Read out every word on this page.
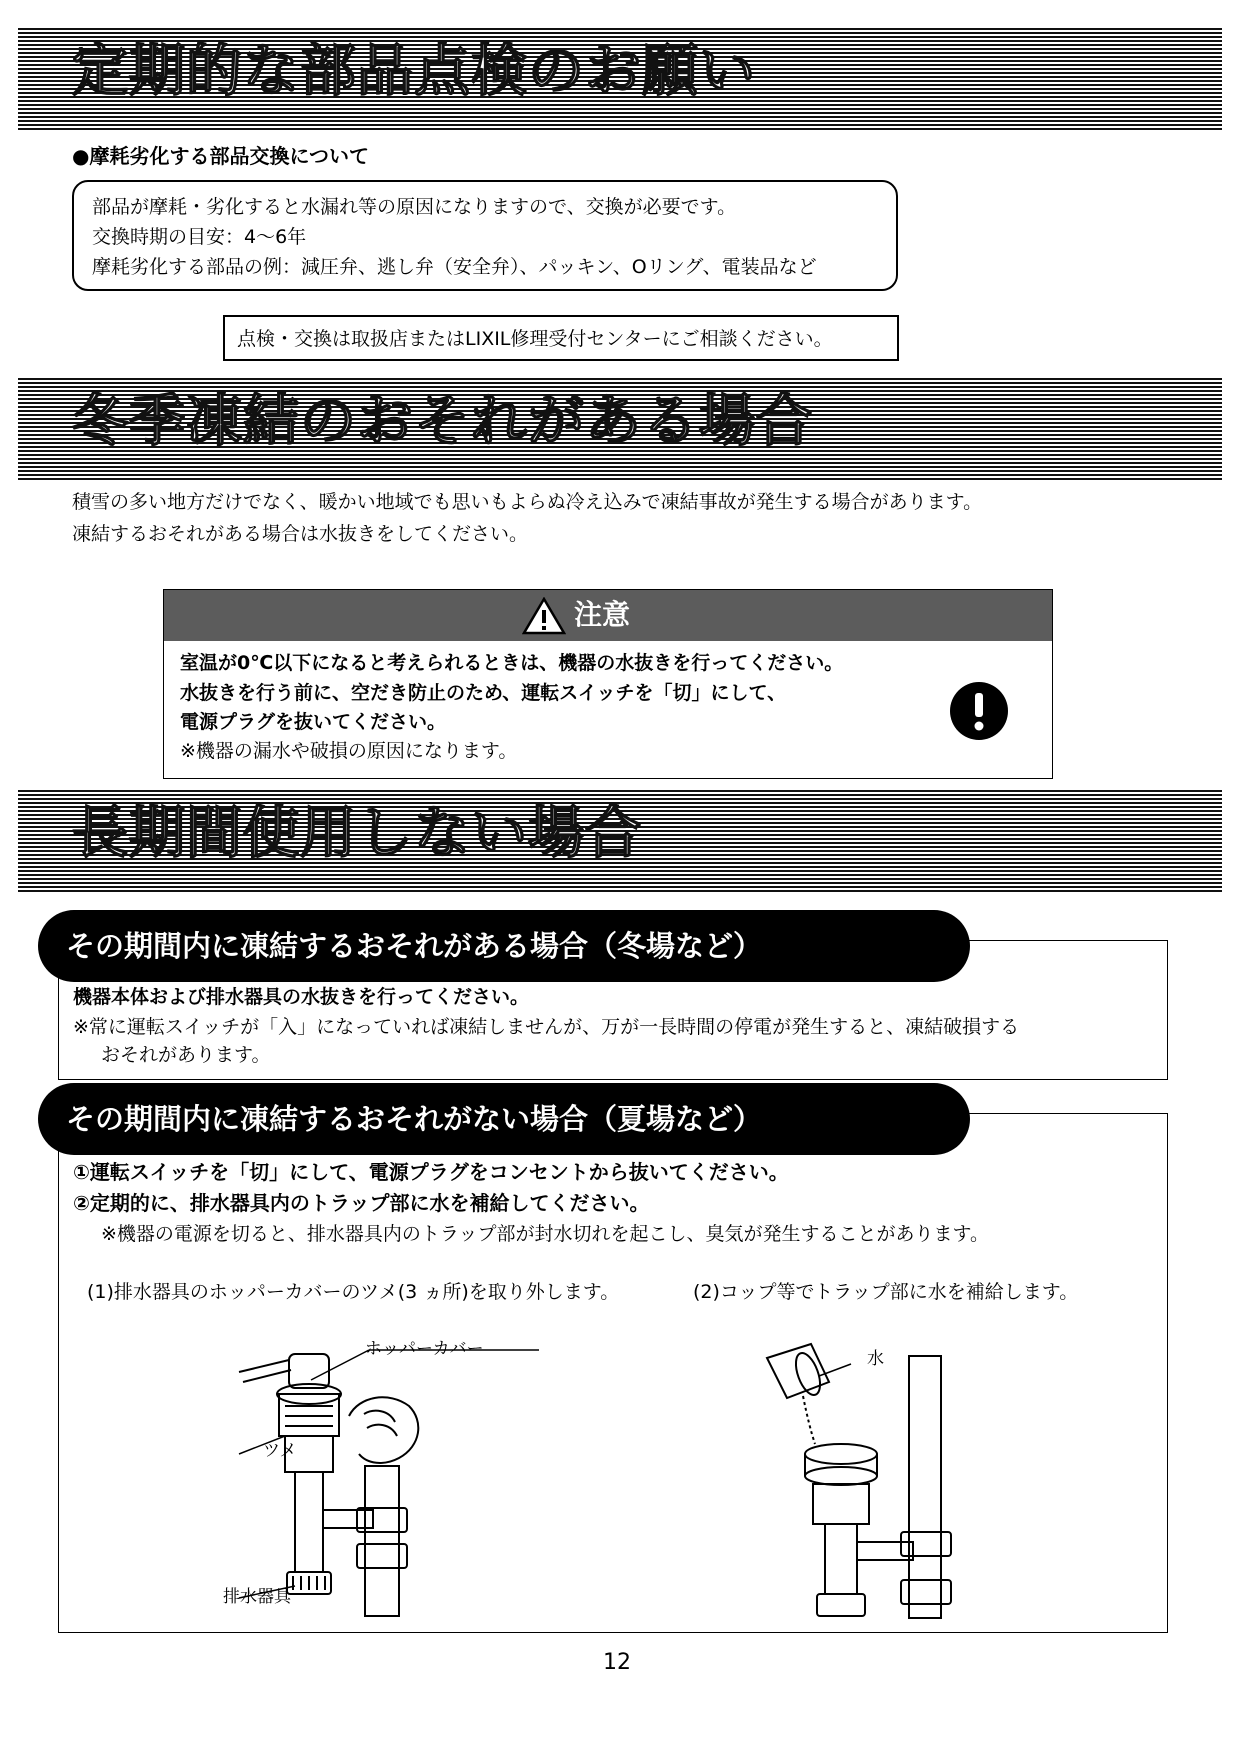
定期的な部品点検のお願い
●摩耗劣化する部品交換について
部品が摩耗・劣化すると水漏れ等の原因になりますので、交換が必要です。
交換時期の目安：4～6年
摩耗劣化する部品の例：減圧弁、逃し弁（安全弁）、パッキン、Oリング、電装品など
点検・交換は取扱店またはLIXIL修理受付センターにご相談ください。
冬季凍結のおそれがある場合
積雪の多い地方だけでなく、暖かい地域でも思いもよらぬ冷え込みで凍結事故が発生する場合があります。
凍結するおそれがある場合は水抜きをしてください。
注意
室温が0℃以下になると考えられるときは、機器の水抜きを行ってください。
水抜きを行う前に、空だき防止のため、運転スイッチを「切」にして、
電源プラグを抜いてください。
※機器の漏水や破損の原因になります。
長期間使用しない場合
機器本体および排水器具の水抜きを行ってください。
※常に運転スイッチが「入」になっていれば凍結しませんが、万が一長時間の停電が発生すると、凍結破損する
おそれがあります。
その期間内に凍結するおそれがある場合（冬場など）
①運転スイッチを「切」にして、電源プラグをコンセントから抜いてください。
②定期的に、排水器具内のトラップ部に水を補給してください。
※機器の電源を切ると、排水器具内のトラップ部が封水切れを起こし、臭気が発生することがあります。
(1)排水器具のホッパーカバーのツメ(3 ヵ所)を取り外します。	(2)コップ等でトラップ部に水を補給します。
ホッパーカバー
ツメ
排水器具
水
その期間内に凍結するおそれがない場合（夏場など）
12
